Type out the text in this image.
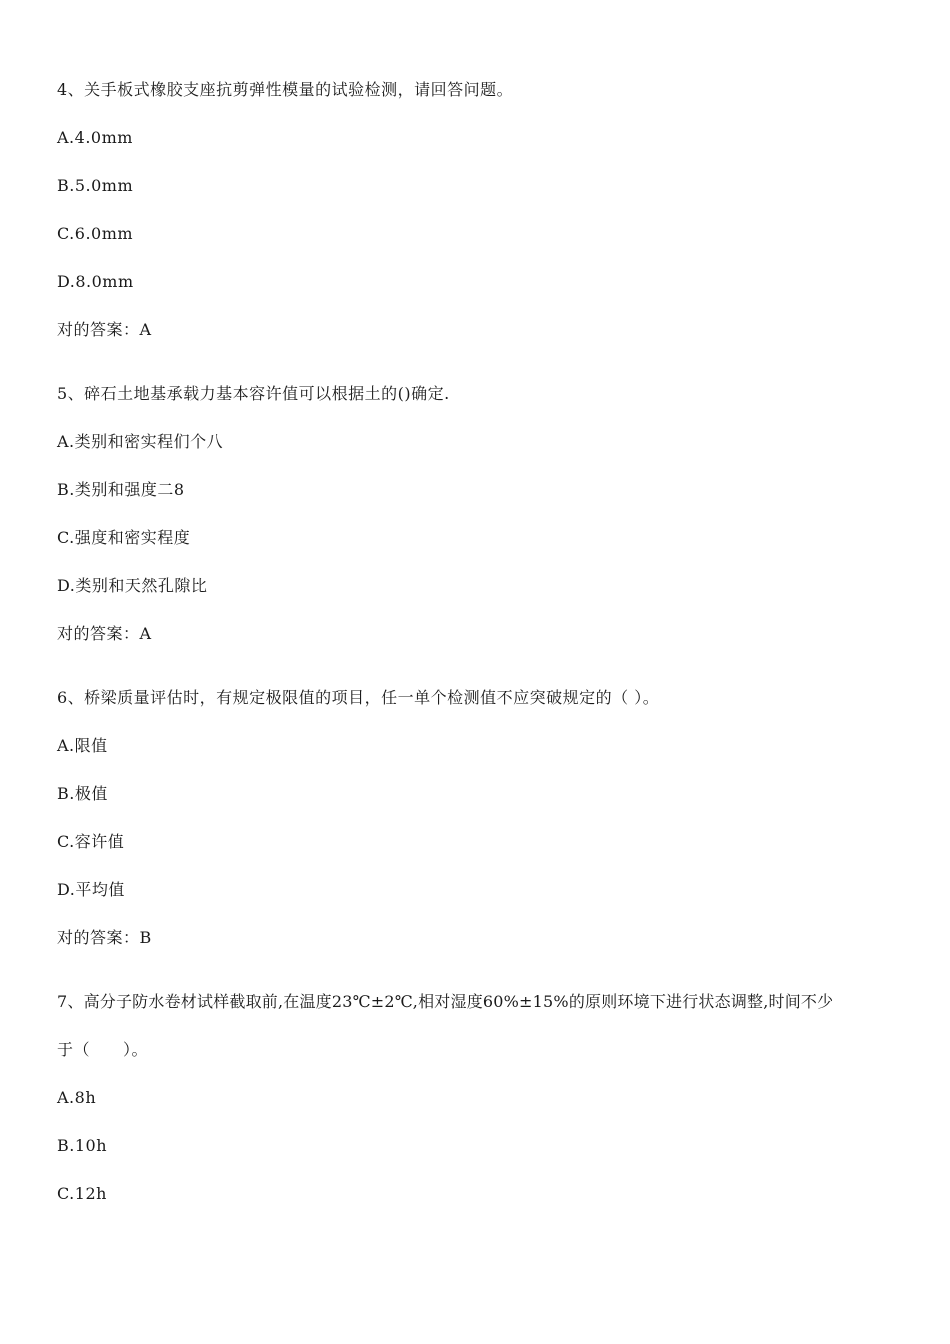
4、关手板式橡胶支座抗剪弹性模量的试验检测，请回答问题。
A.4.0mm
B.5.0mm
C.6.0mm
D.8.0mm
对的答案：A
5、碎石土地基承载力基本容许值可以根据土的()确定.
A.类别和密实程们个八
B.类别和强度二8
C.强度和密实程度
D.类别和天然孔隙比
对的答案：A
6、桥梁质量评估时，有规定极限值的项目，任一单个检测值不应突破规定的（ ）。
A.限值
B.极值
C.容许值
D.平均值
对的答案：B
7、高分子防水卷材试样截取前,在温度23℃±2℃,相对湿度60%±15%的原则环境下进行状态调整,时间不少
于（　　）。
A.8h
B.10h
C.12h
